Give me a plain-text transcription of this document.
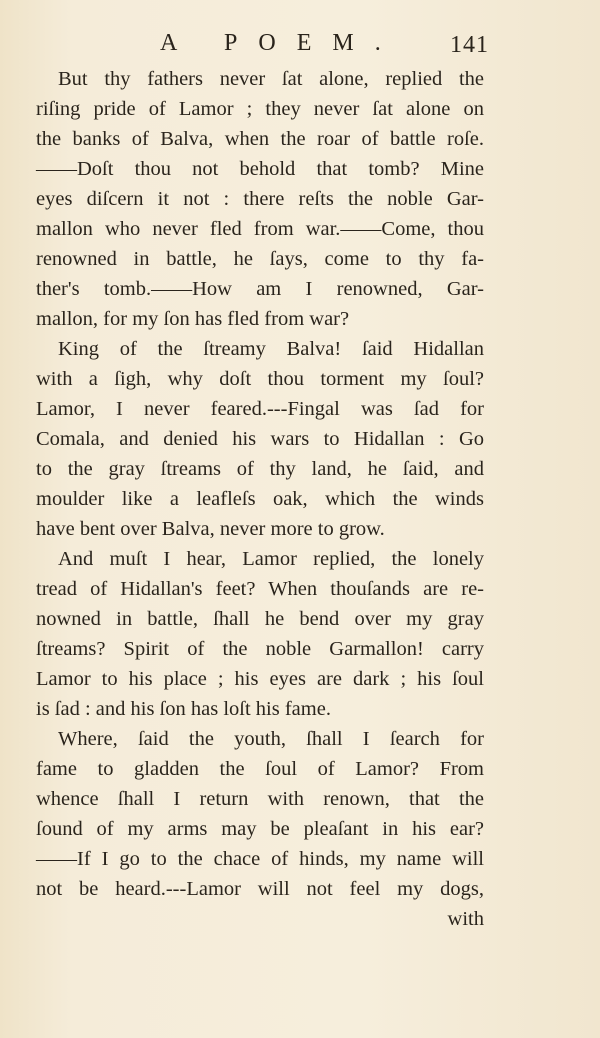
A POEM. 141
But thy fathers never ſat alone, replied the
riſing pride of Lamor ; they never ſat alone on
the banks of Balva, when the roar of battle roſe.
——Doſt thou not behold that tomb? Mine
eyes diſcern it not : there reſts the noble Gar-
mallon who never fled from war.——Come, thou
renowned in battle, he ſays, come to thy fa-
ther's tomb.——How am I renowned, Gar-
mallon, for my ſon has fled from war?
King of the ſtreamy Balva! ſaid Hidallan
with a ſigh, why doſt thou torment my ſoul?
Lamor, I never feared.---Fingal was ſad for
Comala, and denied his wars to Hidallan : Go
to the gray ſtreams of thy land, he ſaid, and
moulder like a leafleſs oak, which the winds
have bent over Balva, never more to grow.
And muſt I hear, Lamor replied, the lonely
tread of Hidallan's feet? When thouſands are re-
nowned in battle, ſhall he bend over my gray
ſtreams? Spirit of the noble Garmallon! carry
Lamor to his place ; his eyes are dark ; his ſoul
is ſad : and his ſon has loſt his fame.
Where, ſaid the youth, ſhall I ſearch for
fame to gladden the ſoul of Lamor? From
whence ſhall I return with renown, that the
ſound of my arms may be pleaſant in his ear?
——If I go to the chace of hinds, my name will
not be heard.---Lamor will not feel my dogs,
with
